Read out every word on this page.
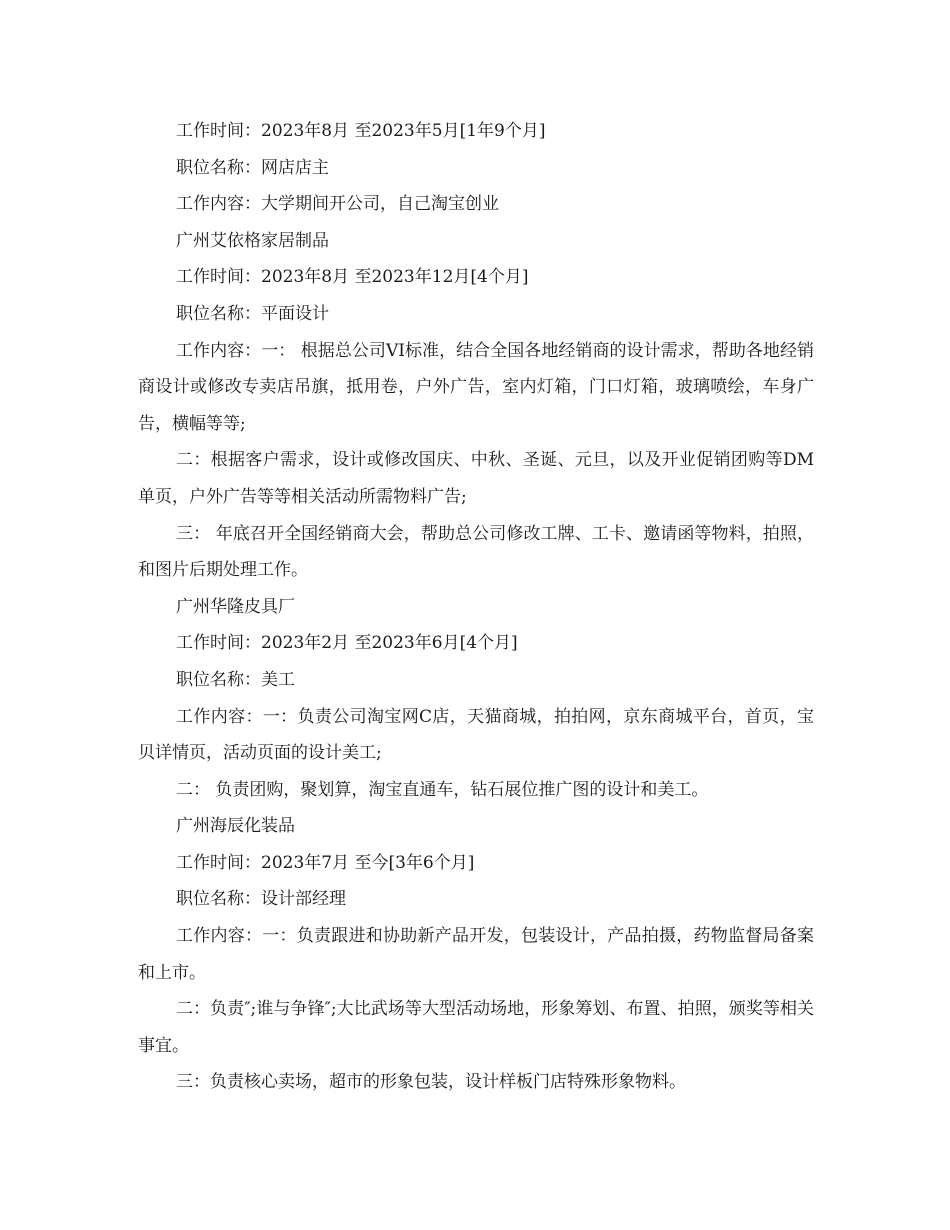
工作时间：2023年8月 至2023年5月[1年9个月]

职位名称：网店店主

工作内容：大学期间开公司，自己淘宝创业

广州艾依格家居制品

工作时间：2023年8月 至2023年12月[4个月]

职位名称：平面设计

工作内容：一： 根据总公司VI标准，结合全国各地经销商的设计需求，帮助各地经销商设计或修改专卖店吊旗，抵用卷，户外广告，室内灯箱，门口灯箱，玻璃喷绘，车身广告，横幅等等;

二：根据客户需求，设计或修改国庆、中秋、圣诞、元旦，以及开业促销团购等DM单页，户外广告等等相关活动所需物料广告;

三： 年底召开全国经销商大会，帮助总公司修改工牌、工卡、邀请函等物料，拍照，和图片后期处理工作。

广州华隆皮具厂

工作时间：2023年2月 至2023年6月[4个月]

职位名称：美工

工作内容：一：负责公司淘宝网C店，天猫商城，拍拍网，京东商城平台，首页，宝贝详情页，活动页面的设计美工;

二： 负责团购，聚划算，淘宝直通车，钻石展位推广图的设计和美工。

广州海辰化装品

工作时间：2023年7月 至今[3年6个月]

职位名称：设计部经理

工作内容：一：负责跟进和协助新产品开发，包装设计，产品拍摄，药物监督局备案和上市。

二：负责″;谁与争锋″;大比武场等大型活动场地，形象筹划、布置、拍照，颁奖等相关事宜。

三：负责核心卖场，超市的形象包装，设计样板门店特殊形象物料。
